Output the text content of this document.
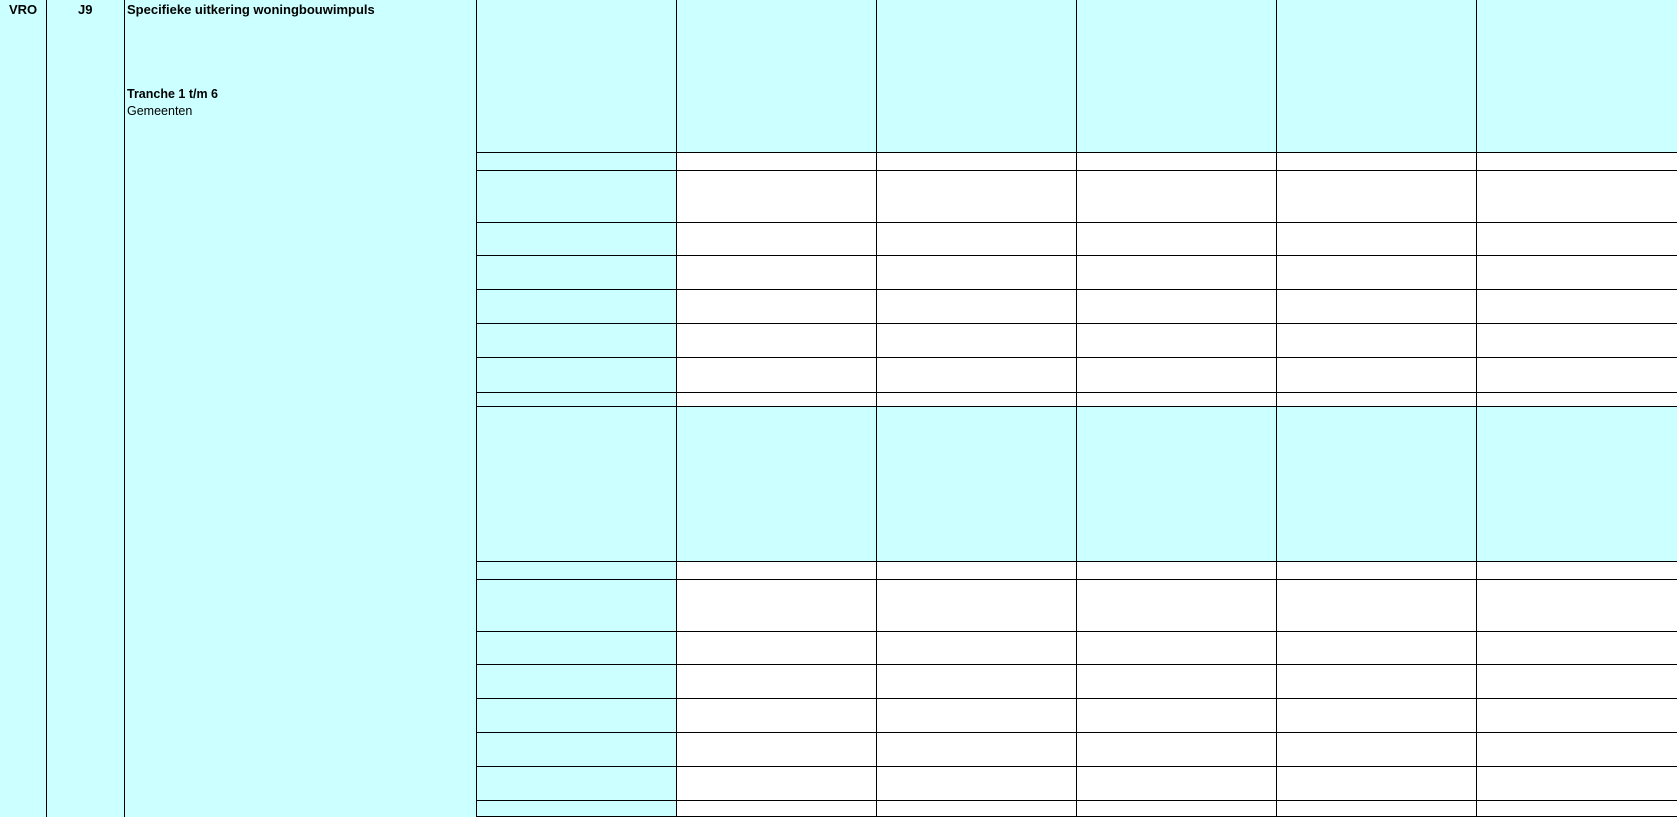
VRO	J9	Specifieke uitkering woningbouwimpuls
Tranche 1 t/m 6
Gemeenten
